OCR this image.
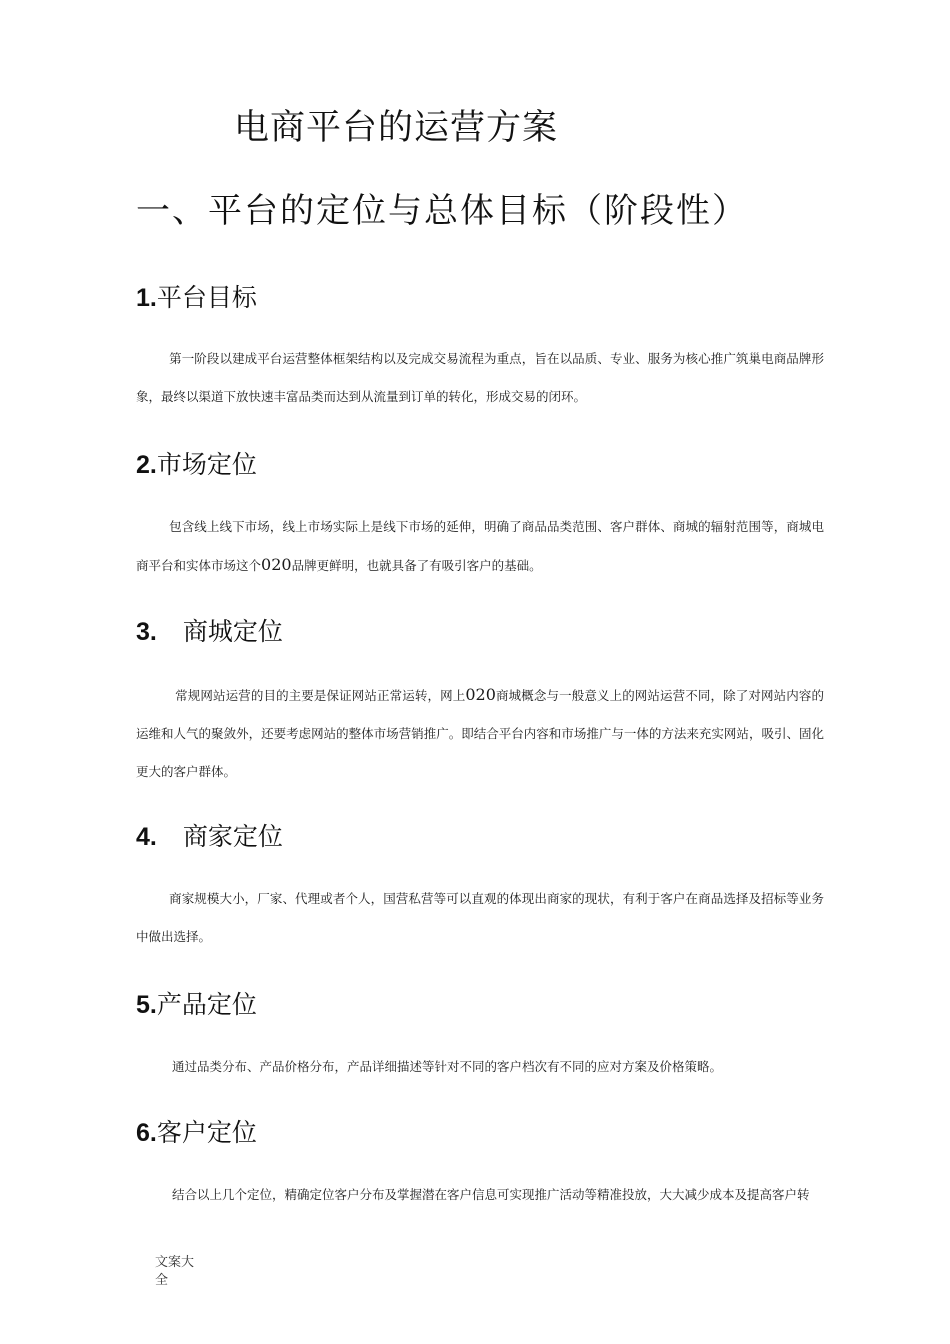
电商平台的运营方案
一、平台的定位与总体目标（阶段性）
1.平台目标

第一阶段以建成平台运营整体框架结构以及完成交易流程为重点，旨在以品质、专业、服务为核心推广筑巢电商品牌形象，最终以渠道下放快速丰富品类而达到从流量到订单的转化，形成交易的闭环。

2.市场定位

包含线上线下市场，线上市场实际上是线下市场的延伸，明确了商品品类范围、客户群体、商城的辐射范围等，商城电商平台和实体市场这个020品牌更鲜明，也就具备了有吸引客户的基础。

3. 商城定位

常规网站运营的目的主要是保证网站正常运转，网上020商城概念与一般意义上的网站运营不同，除了对网站内容的运维和人气的聚敛外，还要考虑网站的整体市场营销推广。即结合平台内容和市场推广与一体的方法来充实网站，吸引、固化更大的客户群体。

4. 商家定位

商家规模大小，厂家、代理或者个人，国营私营等可以直观的体现出商家的现状，有利于客户在商品选择及招标等业务中做出选择。

5.产品定位

通过品类分布、产品价格分布，产品详细描述等针对不同的客户档次有不同的应对方案及价格策略。

6.客户定位

结合以上几个定位，精确定位客户分布及掌握潜在客户信息可实现推广活动等精准投放，大大减少成本及提高客户转

文案大全
